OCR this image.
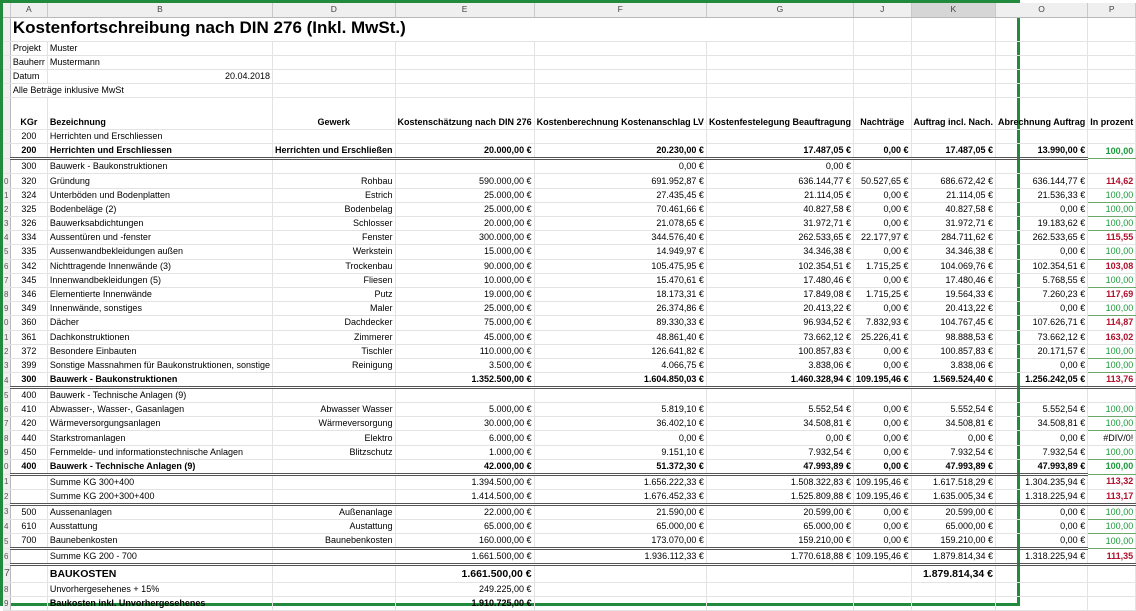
	A	B	D	E	F	G	J	K	O	P
	Kostenfortschreibung nach DIN 276 (Inkl. MwSt.)									
	Projekt	Muster								
	Bauherr	Mustermann								
	Datum	20.04.2018								
	Alle Beträge inklusive MwSt									
	KGr	Bezeichnung	Gewerk	Kostenschätzung nach DIN 276	Kostenberechnung Kostenanschlag LV	Kostenfestelegung Beauftragung	Nachträge	Auftrag incl. Nach.	Abrechnung Auftrag	In prozent
	200	Herrichten und Erschliessen								
	200	Herrichten und Erschliessen	Herrichten und Erschließen	20.000,00 €	20.230,00 €	17.487,05 €	0,00 €	17.487,05 €	13.990,00 €	100,00
	300	Bauwerk - Baukonstruktionen			0,00 €	0,00 €				
0	320	Gründung	Rohbau	590.000,00 €	691.952,87 €	636.144,77 €	50.527,65 €	686.672,42 €	636.144,77 €	114,62
1	324	Unterböden und Bodenplatten	Estrich	25.000,00 €	27.435,45 €	21.114,05 €	0,00 €	21.114,05 €	21.536,33 €	100,00
2	325	Bodenbeläge (2)	Bodenbelag	25.000,00 €	70.461,66 €	40.827,58 €	0,00 €	40.827,58 €	0,00 €	100,00
3	326	Bauwerksabdichtungen	Schlosser	20.000,00 €	21.078,65 €	31.972,71 €	0,00 €	31.972,71 €	19.183,62 €	100,00
4	334	Aussentüren und -fenster	Fenster	300.000,00 €	344.576,40 €	262.533,65 €	22.177,97 €	284.711,62 €	262.533,65 €	115,55
5	335	Aussenwandbekleidungen außen	Werkstein	15.000,00 €	14.949,97 €	34.346,38 €	0,00 €	34.346,38 €	0,00 €	100,00
6	342	Nichttragende Innenwände (3)	Trockenbau	90.000,00 €	105.475,95 €	102.354,51 €	1.715,25 €	104.069,76 €	102.354,51 €	103,08
7	345	Innenwandbekleidungen (5)	Fliesen	10.000,00 €	15.470,61 €	17.480,46 €	0,00 €	17.480,46 €	5.768,55 €	100,00
8	346	Elementierte Innenwände	Putz	19.000,00 €	18.173,31 €	17.849,08 €	1.715,25 €	19.564,33 €	7.260,23 €	117,69
9	349	Innenwände, sonstiges	Maler	25.000,00 €	26.374,86 €	20.413,22 €	0,00 €	20.413,22 €	0,00 €	100,00
0	360	Dächer	Dachdecker	75.000,00 €	89.330,33 €	96.934,52 €	7.832,93 €	104.767,45 €	107.626,71 €	114,87
1	361	Dachkonstruktionen	Zimmerer	45.000,00 €	48.861,40 €	73.662,12 €	25.226,41 €	98.888,53 €	73.662,12 €	163,02
2	372	Besondere Einbauten	Tischler	110.000,00 €	126.641,82 €	100.857,83 €	0,00 €	100.857,83 €	20.171,57 €	100,00
3	399	Sonstige Massnahmen für Baukonstruktionen, sonstige	Reinigung	3.500,00 €	4.066,75 €	3.838,06 €	0,00 €	3.838,06 €	0,00 €	100,00
4	300	Bauwerk - Baukonstruktionen		1.352.500,00 €	1.604.850,03 €	1.460.328,94 €	109.195,46 €	1.569.524,40 €	1.256.242,05 €	113,76
5	400	Bauwerk - Technische Anlagen (9)								
6	410	Abwasser-, Wasser-, Gasanlagen	Abwasser Wasser	5.000,00 €	5.819,10 €	5.552,54 €	0,00 €	5.552,54 €	5.552,54 €	100,00
7	420	Wärmeversorgungsanlagen	Wärmeversorgung	30.000,00 €	36.402,10 €	34.508,81 €	0,00 €	34.508,81 €	34.508,81 €	100,00
8	440	Starkstromanlagen	Elektro	6.000,00 €	0,00 €	0,00 €	0,00 €	0,00 €	0,00 €	#DIV/0!
9	450	Fernmelde- und informationstechnische Anlagen	Blitzschutz	1.000,00 €	9.151,10 €	7.932,54 €	0,00 €	7.932,54 €	7.932,54 €	100,00
0	400	Bauwerk - Technische Anlagen (9)		42.000,00 €	51.372,30 €	47.993,89 €	0,00 €	47.993,89 €	47.993,89 €	100,00
1		Summe KG 300+400		1.394.500,00 €	1.656.222,33 €	1.508.322,83 €	109.195,46 €	1.617.518,29 €	1.304.235,94 €	113,32
2		Summe KG 200+300+400		1.414.500,00 €	1.676.452,33 €	1.525.809,88 €	109.195,46 €	1.635.005,34 €	1.318.225,94 €	113,17
3	500	Aussenanlagen	Außenanlage	22.000,00 €	21.590,00 €	20.599,00 €	0,00 €	20.599,00 €	0,00 €	100,00
4	610	Ausstattung	Austattung	65.000,00 €	65.000,00 €	65.000,00 €	0,00 €	65.000,00 €	0,00 €	100,00
5	700	Baunebenkosten	Baunebenkosten	160.000,00 €	173.070,00 €	159.210,00 €	0,00 €	159.210,00 €	0,00 €	100,00
6		Summe KG 200 - 700		1.661.500,00 €	1.936.112,33 €	1.770.618,88 €	109.195,46 €	1.879.814,34 €	1.318.225,94 €	111,35
7		BAUKOSTEN		1.661.500,00 €				1.879.814,34 €		
8		Unvorhergesehenes + 15%		249.225,00 €						
9		Baukosten inkl. Unvorhergesehenes		1.910.725,00 €						
